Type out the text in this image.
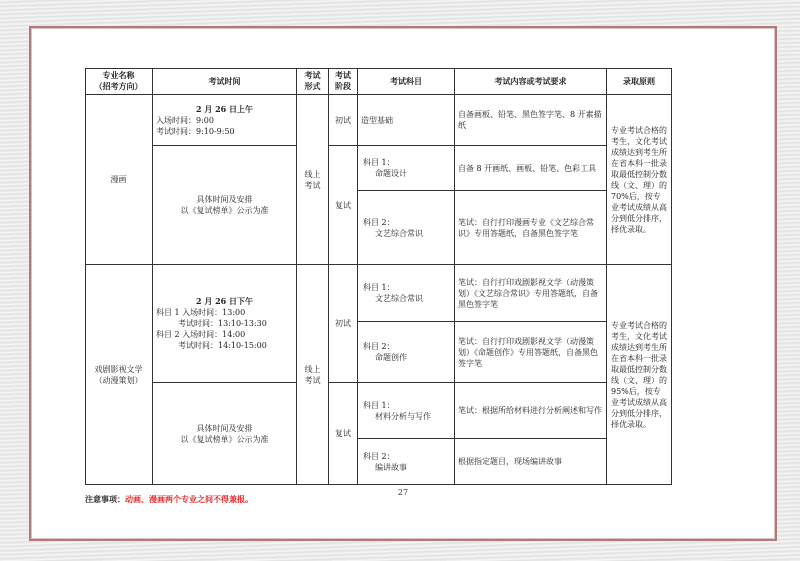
专业名称
（招考方向）
考试时间
考试
形式
考试
阶段
考试科目	考试内容或考试要求	录取原则
漫画
2 月 26 日上午
入场时间：9:00
考试时间：9:10-9:50
具体时间及安排
以《复试榜单》公示为准
线上
考试
初试
复试
造型基础
自备画板、铅笔、黑色签字笔、8 开素描纸
科目 1：
命题设计
自备 8 开画纸、画板、铅笔、色彩工具
科目 2：
文艺综合常识
笔试：自行打印漫画专业《文艺综合常识》专用答题纸，自备黑色签字笔
专业考试合格的考生，文化考试成绩达到考生所在省本科一批录取最低控制分数线（文、理）的 70%后，按专业考试成绩从高分到低分排序，择优录取。
戏剧影视文学
（动漫策划）
2 月 26 日下午
科目 1 入场时间：13:00
考试时间：13:10-13:30
科目 2 入场时间：14:00
考试时间：14:10-15:00
具体时间及安排
以《复试榜单》公示为准
线上
考试
初试
复试
科目 1：
文艺综合常识
笔试：自行打印戏剧影视文学（动漫策划）《文艺综合常识》专用答题纸，自备黑色签字笔
科目 2：
命题创作
笔试：自行打印戏剧影视文学（动漫策划）《命题创作》专用答题纸，自备黑色签字笔
科目 1：
材料分析与写作
笔试：根据所给材料进行分析阐述和写作
科目 2：
编讲故事
根据指定题目，现场编讲故事
专业考试合格的考生，文化考试成绩达到考生所在省本科一批录取最低控制分数线（文、理）的 95%后，按专业考试成绩从高分到低分排序，择优录取。
注意事项：动画、漫画两个专业之间不得兼报。
27
